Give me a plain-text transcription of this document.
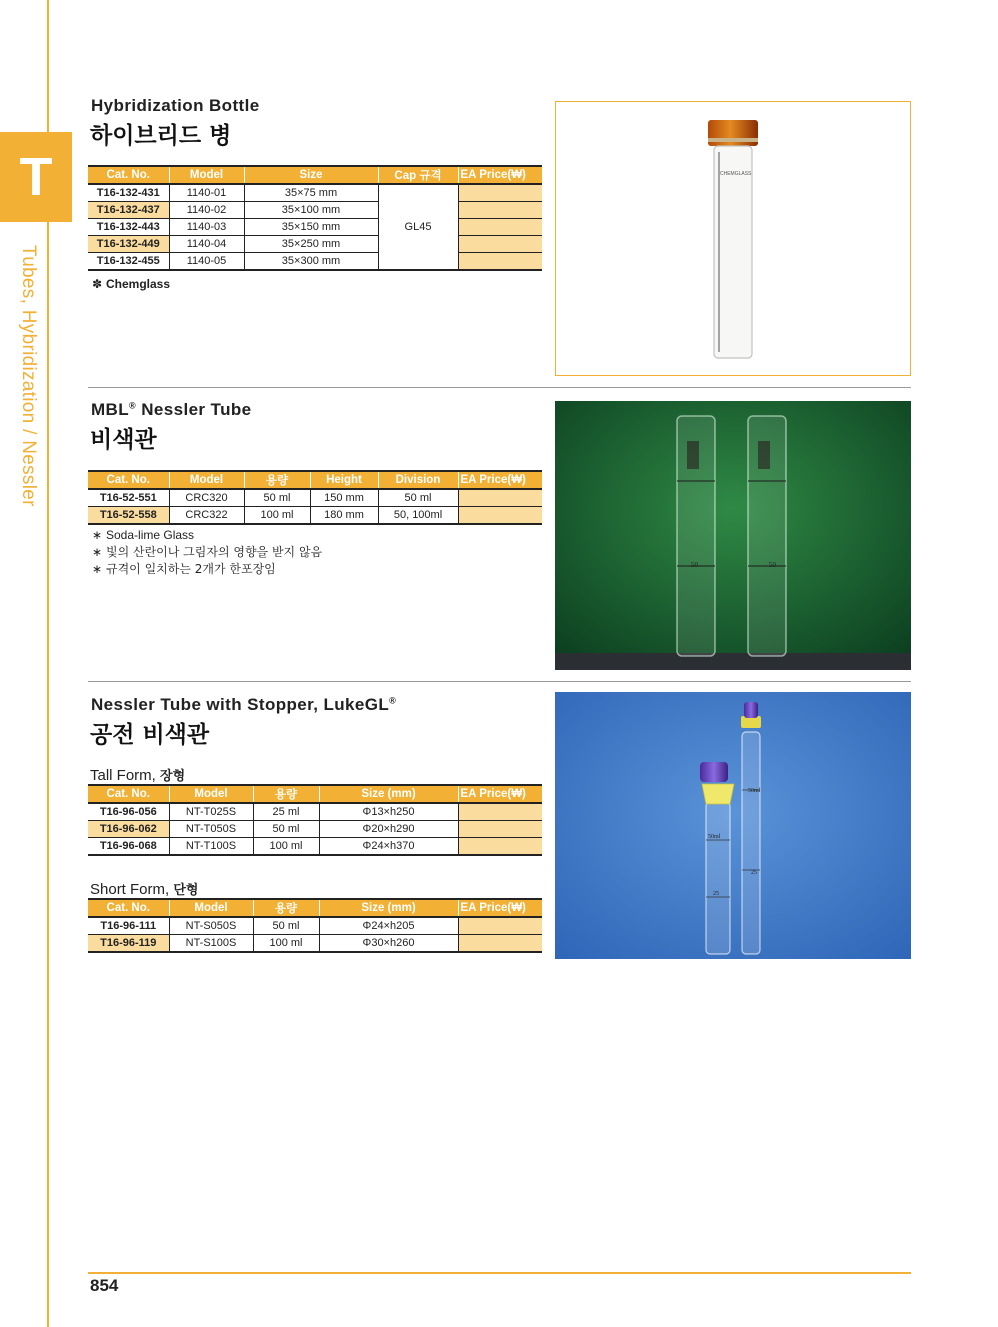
T
Tubes, Hybridization / Nessler
Hybridization Bottle
하이브리드 병
Cat. No.	Model	Size	Cap 규격	EA Price(₩)
T16-132-431	1140-01	35×75 mm	GL45	
T16-132-437	1140-02	35×100 mm		
T16-132-443	1140-03	35×150 mm		
T16-132-449	1140-04	35×250 mm		
T16-132-455	1140-05	35×300 mm		
✽ Chemglass
CHEMGLASS
MBL® Nessler Tube
비색관
Cat. No.	Model	용량	Height	Division	EA Price(₩)
T16-52-551	CRC320	50 ml	150 mm	50 ml	
T16-52-558	CRC322	100 ml	180 mm	50, 100ml	
∗ Soda-lime Glass
∗ 빛의 산란이나 그림자의 영향을 받지 않음
∗ 규격이 일치하는 2개가 한포장임	50	50
Nessler Tube with Stopper, LukeGL®
공전 비색관
Tall Form, 장형
Cat. No.	Model	용량	Size (mm)	EA Price(₩)
T16-96-056	NT-T025S	25 ml	Φ13×h250	
T16-96-062	NT-T050S	50 ml	Φ20×h290	
T16-96-068	NT-T100S	100 ml	Φ24×h370	
Short Form, 단형
Cat. No.	Model	용량	Size (mm)	EA Price(₩)
T16-96-111	NT-S050S	50 ml	Φ24×h205	
T16-96-119	NT-S100S	100 ml	Φ30×h260	
50ml
25
50ml
25
854
